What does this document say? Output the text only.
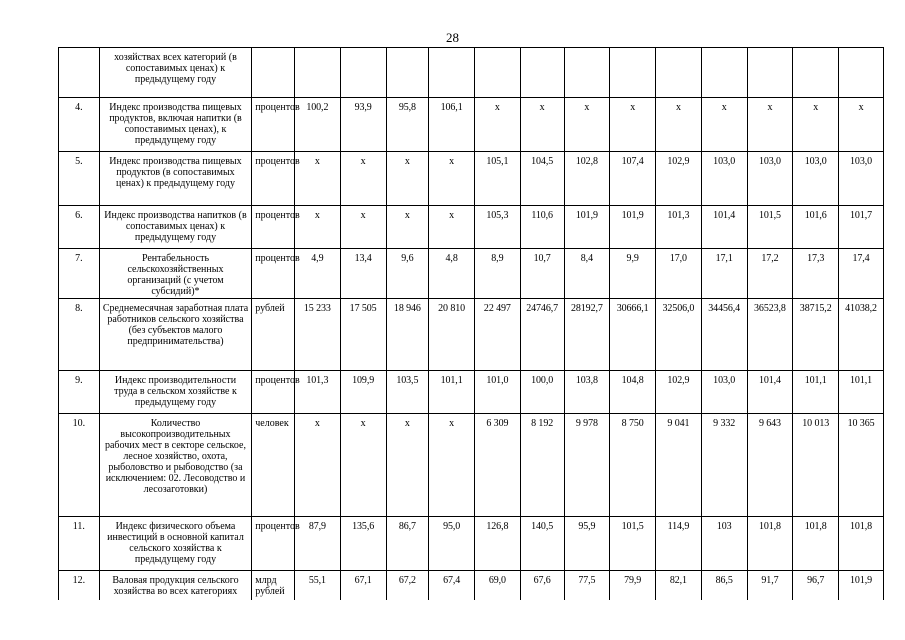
28
	хозяйствах всех категорий (в сопоставимых ценах) к предыдущему году														
4.	Индекс производства пищевых продуктов, включая напитки (в сопоставимых ценах), к предыдущему году	процентов	100,2	93,9	95,8	106,1	х	х	х	х	х	х	х	х	х
5.	Индекс производства пищевых продуктов (в сопоставимых ценах) к предыдущему году	процентов	х	х	х	х	105,1	104,5	102,8	107,4	102,9	103,0	103,0	103,0	103,0
6.	Индекс производства напитков (в сопоставимых ценах) к предыдущему году	процентов	х	х	х	х	105,3	110,6	101,9	101,9	101,3	101,4	101,5	101,6	101,7
7.	Рентабельность сельскохозяйственных организаций (с учетом субсидий)*	процентов	4,9	13,4	9,6	4,8	8,9	10,7	8,4	9,9	17,0	17,1	17,2	17,3	17,4
8.	Среднемесячная заработная плата работников сельского хозяйства (без субъектов малого предпринимательства)	рублей	15 233	17 505	18 946	20 810	22 497	24746,7	28192,7	30666,1	32506,0	34456,4	36523,8	38715,2	41038,2
9.	Индекс производительности труда в сельском хозяйстве к предыдущему году	процентов	101,3	109,9	103,5	101,1	101,0	100,0	103,8	104,8	102,9	103,0	101,4	101,1	101,1
10.	Количество высокопроизводительных рабочих мест в секторе сельское, лесное хозяйство, охота, рыболовство и рыбоводство (за исключением: 02. Лесоводство и лесозаготовки)	человек	х	х	х	х	6 309	8 192	9 978	8 750	9 041	9 332	9 643	10 013	10 365
11.	Индекс физического объема инвестиций в основной капитал сельского хозяйства к предыдущему году	процентов	87,9	135,6	86,7	95,0	126,8	140,5	95,9	101,5	114,9	103	101,8	101,8	101,8
12.	Валовая продукция сельского хозяйства во всех категориях	млрд рублей	55,1	67,1	67,2	67,4	69,0	67,6	77,5	79,9	82,1	86,5	91,7	96,7	101,9
